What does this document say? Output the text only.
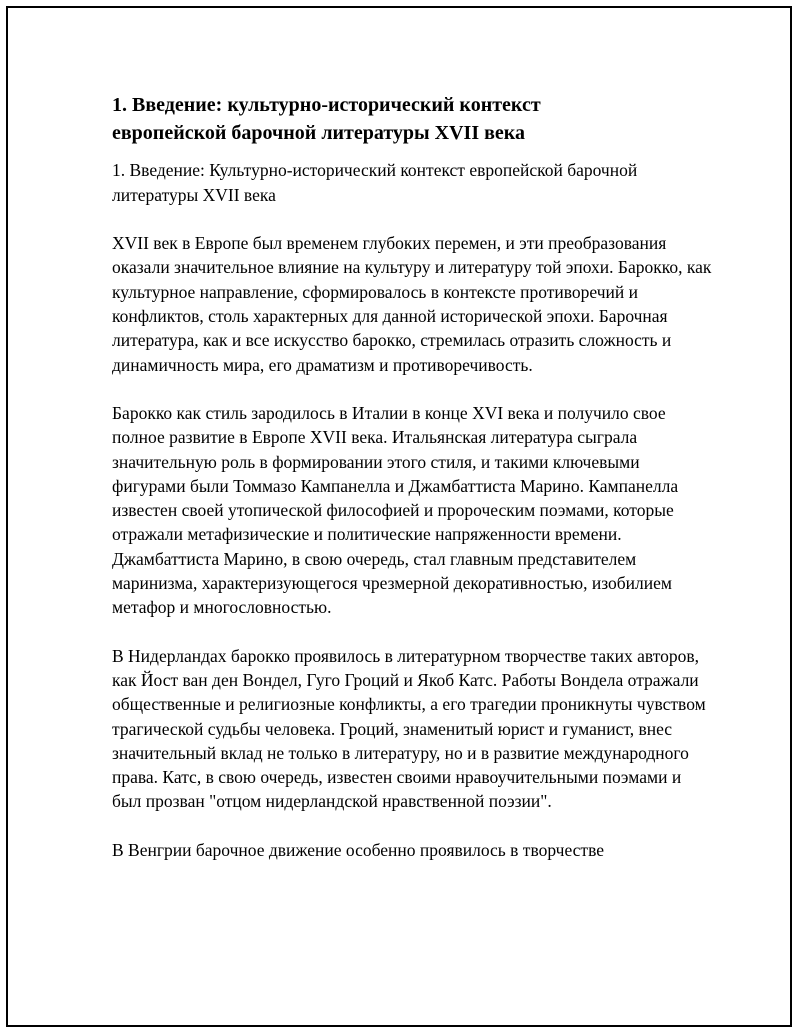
1. Введение: культурно-исторический контекст
европейской барочной литературы XVII века

1. Введение: Культурно-исторический контекст европейской барочной литературы XVII века

XVII век в Европе был временем глубоких перемен, и эти преобразования оказали значительное влияние на культуру и литературу той эпохи. Барокко, как культурное направление, сформировалось в контексте противоречий и конфликтов, столь характерных для данной исторической эпохи. Барочная литература, как и все искусство барокко, стремилась отразить сложность и динамичность мира, его драматизм и противоречивость.

Барокко как стиль зародилось в Италии в конце XVI века и получило свое полное развитие в Европе XVII века. Итальянская литература сыграла значительную роль в формировании этого стиля, и такими ключевыми фигурами были Томмазо Кампанелла и Джамбаттиста Марино. Кампанелла известен своей утопической философией и пророческим поэмами, которые отражали метафизические и политические напряженности времени. Джамбаттиста Марино, в свою очередь, стал главным представителем маринизма, характеризующегося чрезмерной декоративностью, изобилием метафор и многословностью.

В Нидерландах барокко проявилось в литературном творчестве таких авторов, как Йост ван ден Вондел, Гуго Гроций и Якоб Катс. Работы Вондела отражали общественные и религиозные конфликты, а его трагедии проникнуты чувством трагической судьбы человека. Гроций, знаменитый юрист и гуманист, внес значительный вклад не только в литературу, но и в развитие международного права. Катс, в свою очередь, известен своими нравоучительными поэмами и был прозван "отцом нидерландской нравственной поэзии".

В Венгрии барочное движение особенно проявилось в творчестве
